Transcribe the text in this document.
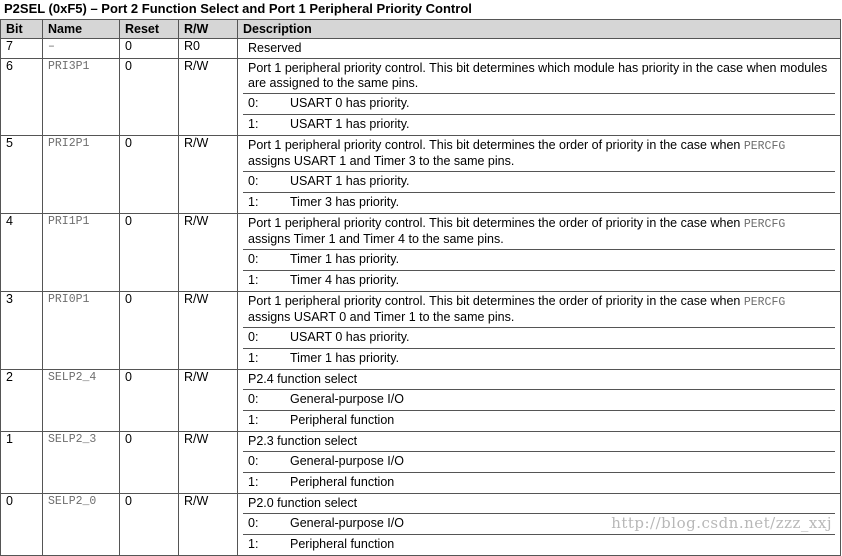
P2SEL (0xF5) – Port 2 Function Select and Port 1 Peripheral Priority Control
Bit	Name	Reset	R/W	Description
7	–	0	R0	Reserved

6	PRI3P1	0	R/W	Port 1 peripheral priority control. This bit determines which module has priority in the case when modules are assigned to the same pins.
0: USART 0 has priority.
1: USART 1 has priority.

5	PRI2P1	0	R/W	Port 1 peripheral priority control. This bit determines the order of priority in the case when PERCFG assigns USART 1 and Timer 3 to the same pins.
0: USART 1 has priority.
1: Timer 3 has priority.

4	PRI1P1	0	R/W	Port 1 peripheral priority control. This bit determines the order of priority in the case when PERCFG assigns Timer 1 and Timer 4 to the same pins.
0: Timer 1 has priority.
1: Timer 4 has priority.

3	PRI0P1	0	R/W	Port 1 peripheral priority control. This bit determines the order of priority in the case when PERCFG assigns USART 0 and Timer 1 to the same pins.
0: USART 0 has priority.
1: Timer 1 has priority.

2	SELP2_4	0	R/W	P2.4 function select
0: General-purpose I/O
1: Peripheral function

1	SELP2_3	0	R/W	P2.3 function select
0: General-purpose I/O
1: Peripheral function

0	SELP2_0	0	R/W	P2.0 function select
0: General-purpose I/O
1: Peripheral function
http://blog.csdn.net/zzz_xxj
